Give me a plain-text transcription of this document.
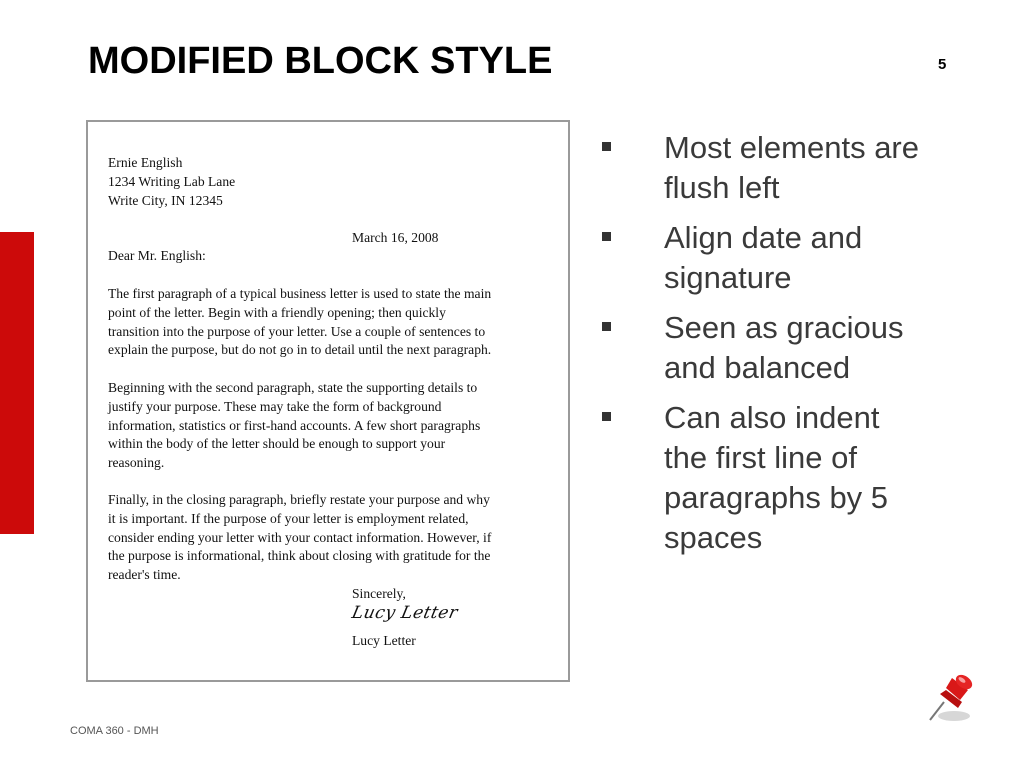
MODIFIED BLOCK STYLE	5
Ernie English
1234 Writing Lab Lane
Write City, IN 12345
March 16, 2008
Dear Mr. English:
The first paragraph of a typical business letter is used to state the main
point of the letter. Begin with a friendly opening; then quickly
transition into the purpose of your letter. Use a couple of sentences to
explain the purpose, but do not go in to detail until the next paragraph.
Beginning with the second paragraph, state the supporting details to
justify your purpose. These may take the form of background
information, statistics or first-hand accounts. A few short paragraphs
within the body of the letter should be enough to support your
reasoning.
Finally, in the closing paragraph, briefly restate your purpose and why
it is important. If the purpose of your letter is employment related,
consider ending your letter with your contact information. However, if
the purpose is informational, think about closing with gratitude for the
reader's time.
Sincerely,
Lucy Letter
Lucy Letter
Most elements are flush left
Align date and signature
Seen as gracious and balanced
Can also indent the first line of paragraphs by 5 spaces
COMA 360 - DMH
